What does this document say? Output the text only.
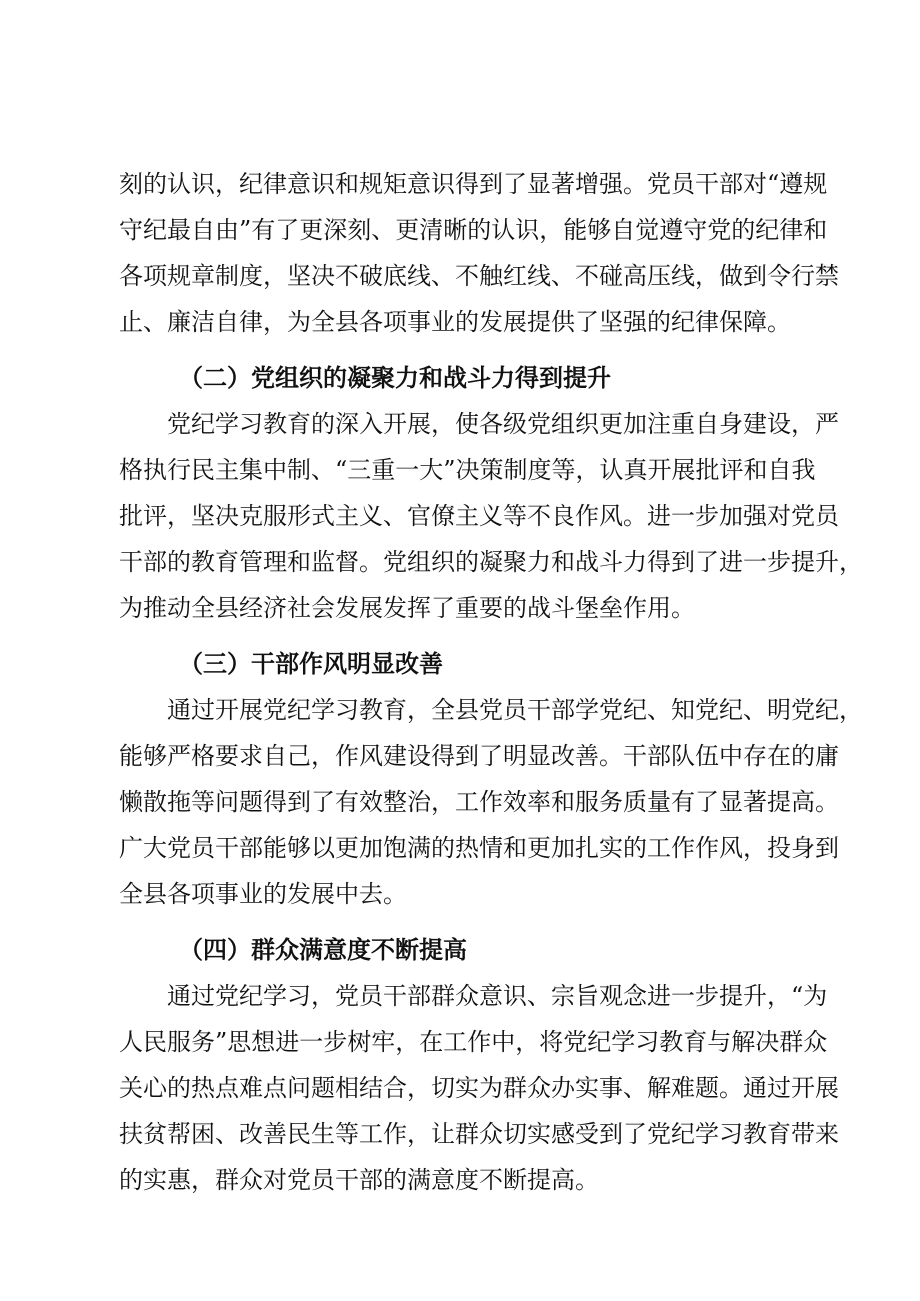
刻的认识，纪律意识和规矩意识得到了显著增强。党员干部对“遵规
守纪最自由”有了更深刻、更清晰的认识，能够自觉遵守党的纪律和
各项规章制度，坚决不破底线、不触红线、不碰高压线，做到令行禁
止、廉洁自律，为全县各项事业的发展提供了坚强的纪律保障。
（二）党组织的凝聚力和战斗力得到提升
党纪学习教育的深入开展，使各级党组织更加注重自身建设，严
格执行民主集中制、“三重一大”决策制度等，认真开展批评和自我
批评，坚决克服形式主义、官僚主义等不良作风。进一步加强对党员
干部的教育管理和监督。党组织的凝聚力和战斗力得到了进一步提升，
为推动全县经济社会发展发挥了重要的战斗堡垒作用。
（三）干部作风明显改善
通过开展党纪学习教育，全县党员干部学党纪、知党纪、明党纪，
能够严格要求自己，作风建设得到了明显改善。干部队伍中存在的庸
懒散拖等问题得到了有效整治，工作效率和服务质量有了显著提高。
广大党员干部能够以更加饱满的热情和更加扎实的工作作风，投身到
全县各项事业的发展中去。
（四）群众满意度不断提高
通过党纪学习，党员干部群众意识、宗旨观念进一步提升，“为
人民服务”思想进一步树牢，在工作中，将党纪学习教育与解决群众
关心的热点难点问题相结合，切实为群众办实事、解难题。通过开展
扶贫帮困、改善民生等工作，让群众切实感受到了党纪学习教育带来
的实惠，群众对党员干部的满意度不断提高。
